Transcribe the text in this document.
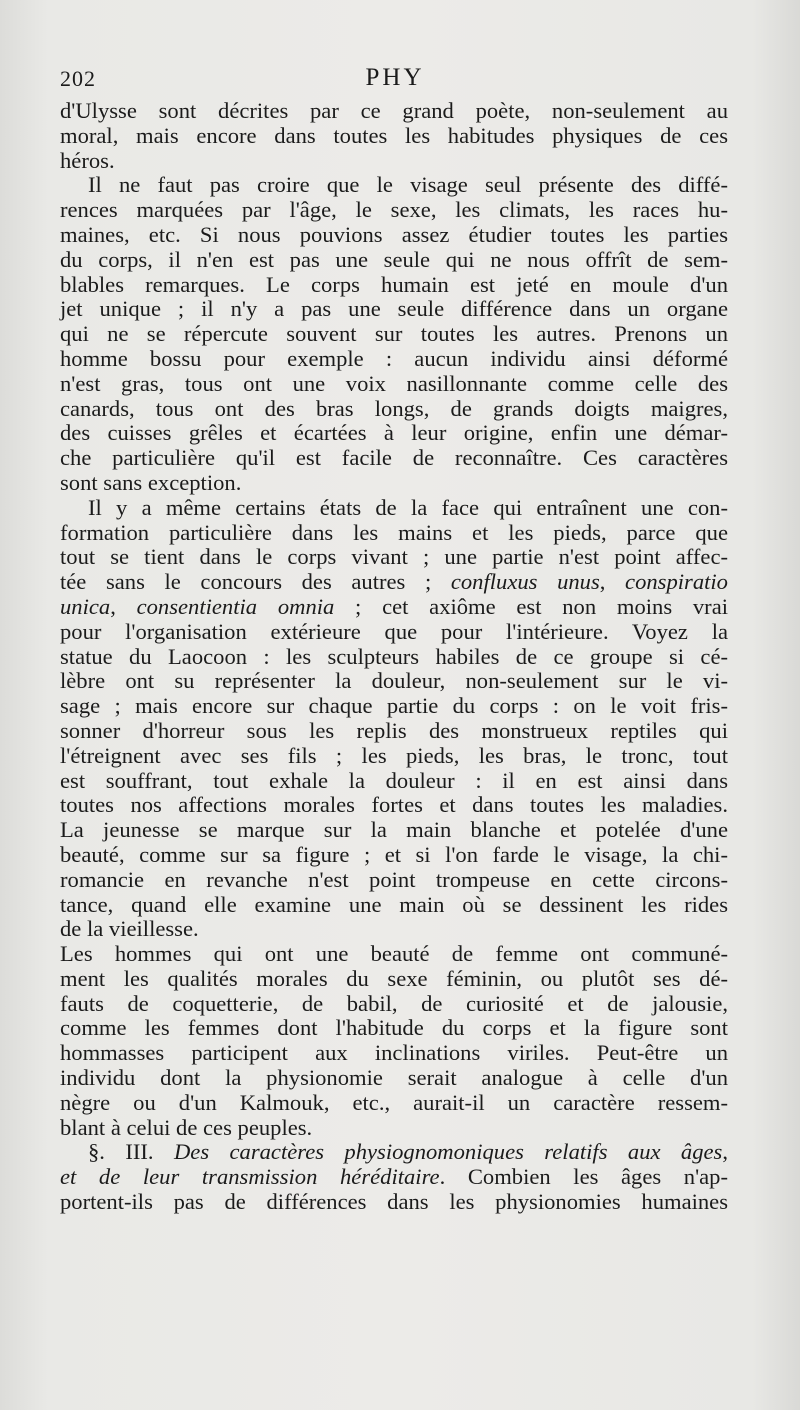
202	PHY
d'Ulysse sont décrites par ce grand poète, non-seulement au
moral, mais encore dans toutes les habitudes physiques de ces
héros.
Il ne faut pas croire que le visage seul présente des diffé-
rences marquées par l'âge, le sexe, les climats, les races hu-
maines, etc. Si nous pouvions assez étudier toutes les parties
du corps, il n'en est pas une seule qui ne nous offrît de sem-
blables remarques. Le corps humain est jeté en moule d'un
jet unique ; il n'y a pas une seule différence dans un organe
qui ne se répercute souvent sur toutes les autres. Prenons un
homme bossu pour exemple : aucun individu ainsi déformé
n'est gras, tous ont une voix nasillonnante comme celle des
canards, tous ont des bras longs, de grands doigts maigres,
des cuisses grêles et écartées à leur origine, enfin une démar-
che particulière qu'il est facile de reconnaître. Ces caractères
sont sans exception.
Il y a même certains états de la face qui entraînent une con-
formation particulière dans les mains et les pieds, parce que
tout se tient dans le corps vivant ; une partie n'est point affec-
tée sans le concours des autres ; confluxus unus, conspiratio
unica, consentientia omnia ; cet axiôme est non moins vrai
pour l'organisation extérieure que pour l'intérieure. Voyez la
statue du Laocoon : les sculpteurs habiles de ce groupe si cé-
lèbre ont su représenter la douleur, non-seulement sur le vi-
sage ; mais encore sur chaque partie du corps : on le voit fris-
sonner d'horreur sous les replis des monstrueux reptiles qui
l'étreignent avec ses fils ; les pieds, les bras, le tronc, tout
est souffrant, tout exhale la douleur : il en est ainsi dans
toutes nos affections morales fortes et dans toutes les maladies.
La jeunesse se marque sur la main blanche et potelée d'une
beauté, comme sur sa figure ; et si l'on farde le visage, la chi-
romancie en revanche n'est point trompeuse en cette circons-
tance, quand elle examine une main où se dessinent les rides
de la vieillesse.
Les hommes qui ont une beauté de femme ont communé-
ment les qualités morales du sexe féminin, ou plutôt ses dé-
fauts de coquetterie, de babil, de curiosité et de jalousie,
comme les femmes dont l'habitude du corps et la figure sont
hommasses participent aux inclinations viriles. Peut-être un
individu dont la physionomie serait analogue à celle d'un
nègre ou d'un Kalmouk, etc., aurait-il un caractère ressem-
blant à celui de ces peuples.
§. III. Des caractères physiognomoniques relatifs aux âges,
et de leur transmission héréditaire. Combien les âges n'ap-
portent-ils pas de différences dans les physionomies humaines
